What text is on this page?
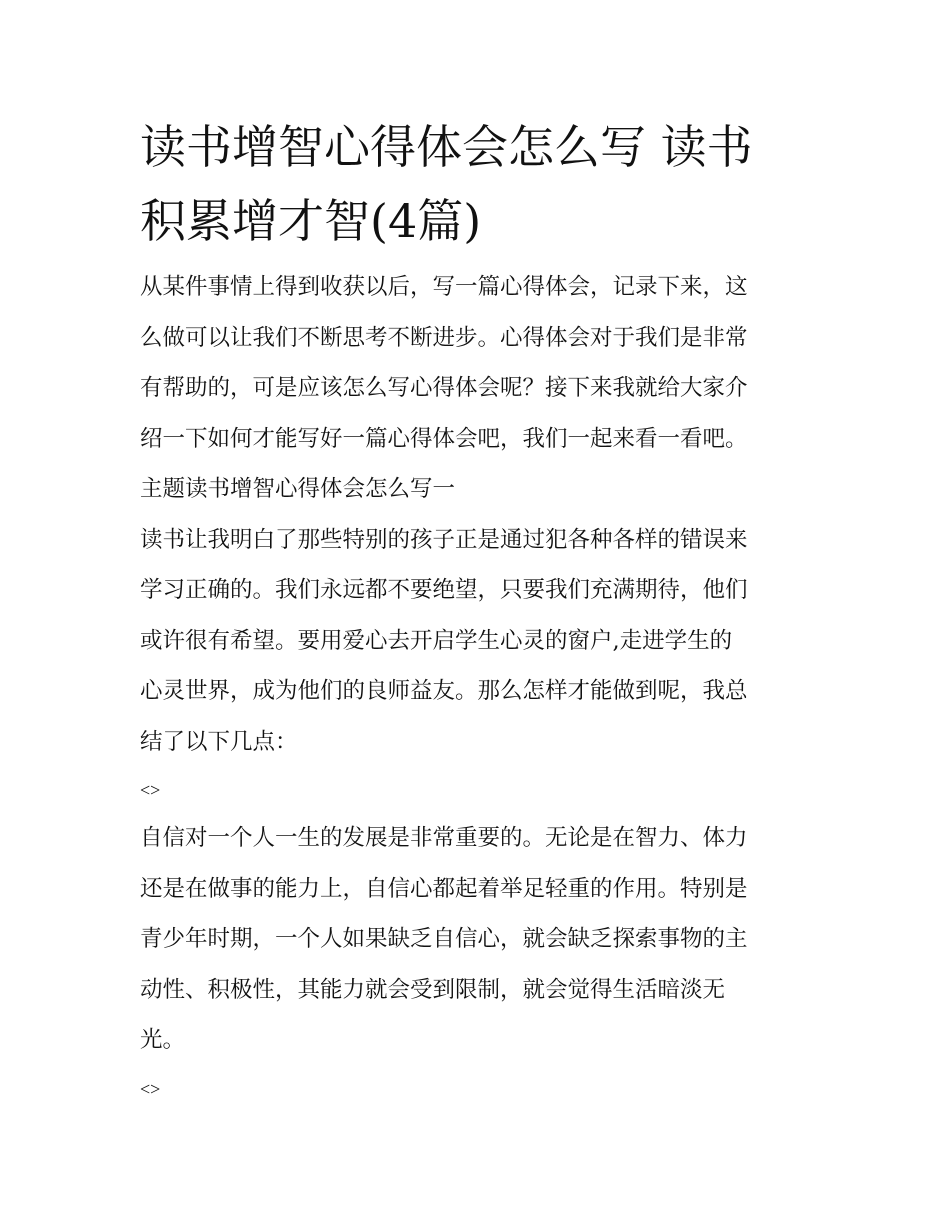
读书增智心得体会怎么写 读书
积累增才智(4篇)

从某件事情上得到收获以后，写一篇心得体会，记录下来，这
么做可以让我们不断思考不断进步。心得体会对于我们是非常
有帮助的，可是应该怎么写心得体会呢？接下来我就给大家介
绍一下如何才能写好一篇心得体会吧，我们一起来看一看吧。

主题读书增智心得体会怎么写一

读书让我明白了那些特别的孩子正是通过犯各种各样的错误来
学习正确的。我们永远都不要绝望，只要我们充满期待，他们
或许很有希望。要用爱心去开启学生心灵的窗户,走进学生的
心灵世界，成为他们的良师益友。那么怎样才能做到呢，我总
结了以下几点：

<>

自信对一个人一生的发展是非常重要的。无论是在智力、体力
还是在做事的能力上，自信心都起着举足轻重的作用。特别是
青少年时期，一个人如果缺乏自信心，就会缺乏探索事物的主
动性、积极性，其能力就会受到限制，就会觉得生活暗淡无
光。

<>
